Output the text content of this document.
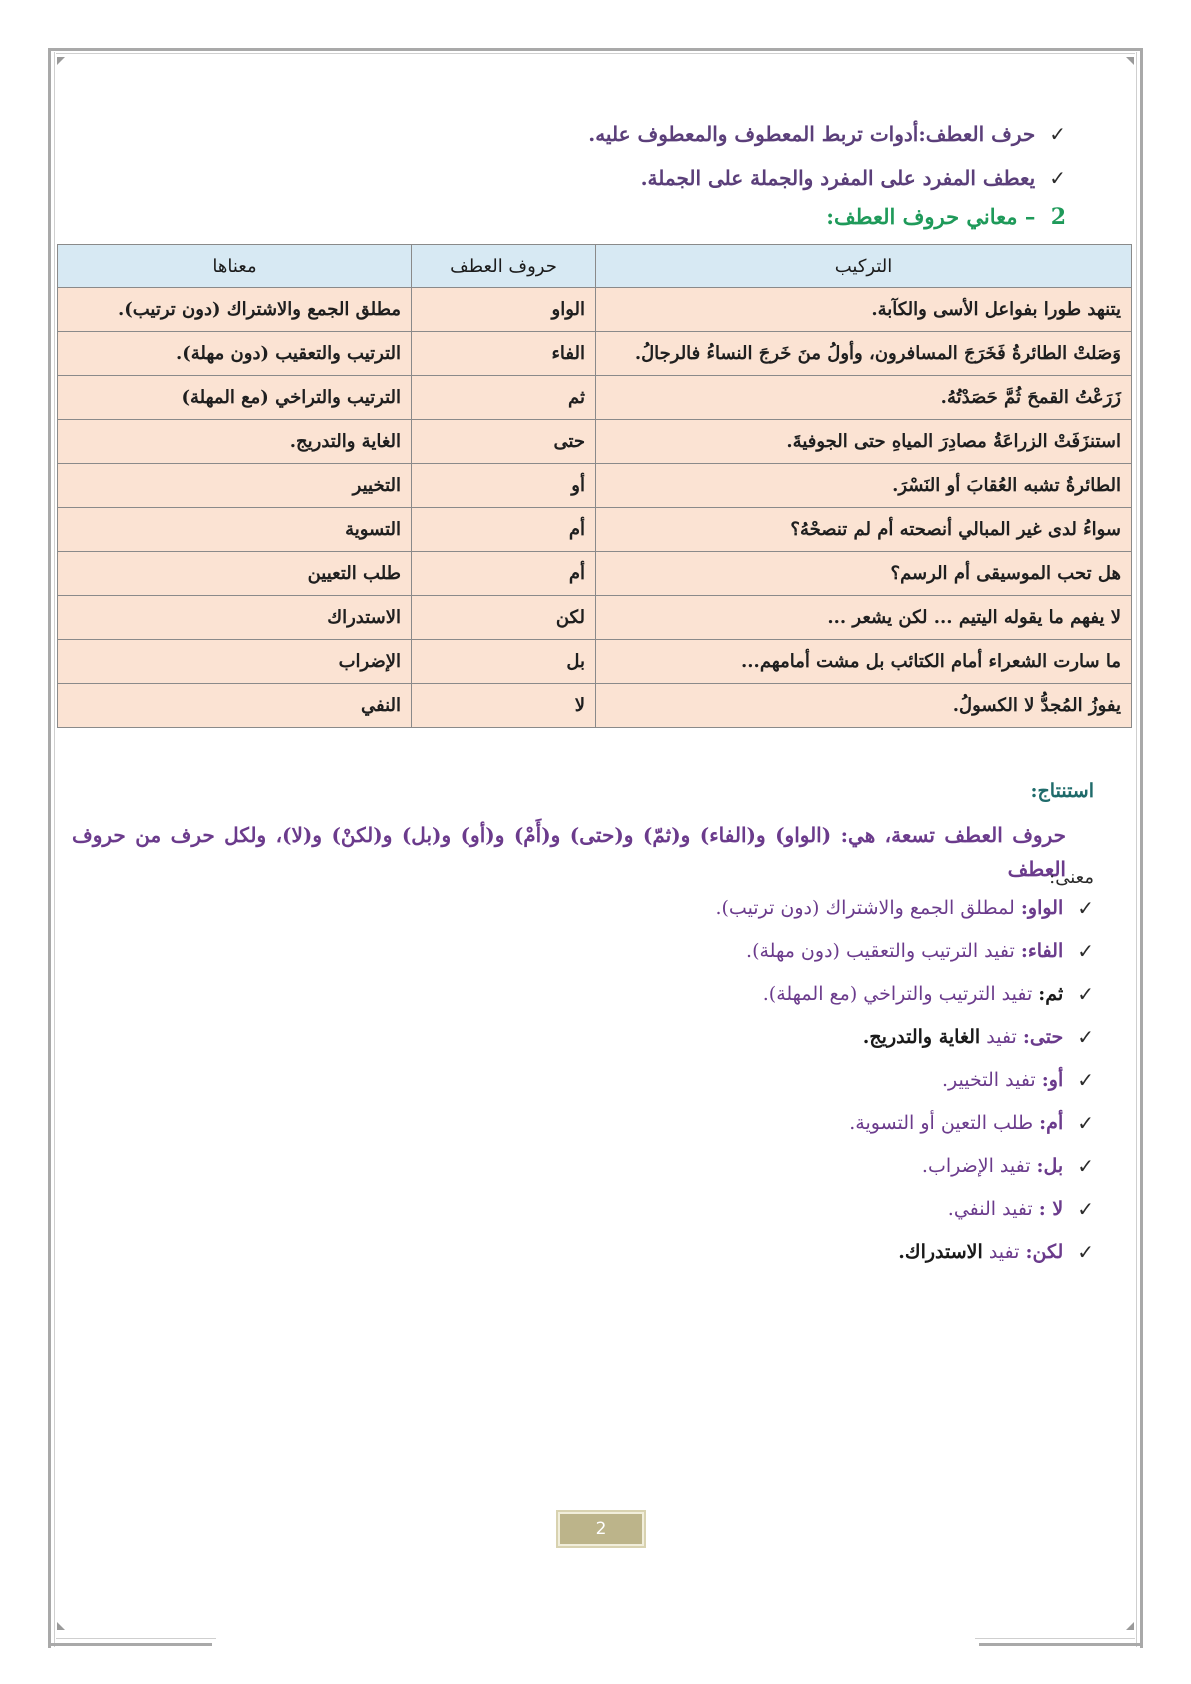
✓
حرف العطف:أدوات تربط المعطوف والمعطوف عليه.
✓
يعطف المفرد على المفرد والجملة على الجملة.
2 – معاني حروف العطف:
التركيب	حروف العطف	معناها
يتنهد طورا بفواعل الأسى والكآبة.	الواو	مطلق الجمع والاشتراك (دون ترتيب).
وَصَلتْ الطائرةُ فَخَرَجَ المسافرون، وأولُ منَ خَرجَ النساءُ فالرجالُ.	الفاء	الترتيب والتعقيب (دون مهلة).
زَرَعْتُ القمحَ ثُمَّ حَصَدْتُهُ.	ثم	الترتيب والتراخي (مع المهلة)
استنزَفَتْ الزراعَةُ مصادِرَ المياهِ حتى الجوفيةَ.	حتى	الغاية والتدريج.
الطائرةُ تشبه العُقابَ أو النَسْرَ.	أو	التخيير
سواءُ لدى غير المبالي أنصحته أم لم تنصحْهُ؟	أم	التسوية
هل تحب الموسيقى أم الرسم؟	أم	طلب التعيين
لا يفهم ما يقوله اليتيم ... لكن يشعر ...	لكن	الاستدراك
ما سارت الشعراء أمام الكتائب بل مشت أمامهم...	بل	الإضراب
يفوزُ المُجدُّ لا الكسولُ.	لا	النفي
استنتاج:
حروف العطف تسعة، هي: (الواو) و(الفاء) و(ثمّ) و(حتى) و(أَمْ) و(أو) و(بل) و(لكنْ) و(لا)، ولكل حرف من حروف العطف
معنى:
✓
الواو:
لمطلق الجمع والاشتراك (دون ترتيب).
✓
الفاء:
تفيد الترتيب والتعقيب (دون مهلة).
✓
ثم:
تفيد الترتيب والتراخي (مع المهلة).
✓
حتى:
تفيد
الغاية والتدريج.
✓
أو:
تفيد التخيير.
✓
أم:
طلب التعين أو التسوية.
✓
بل:
تفيد الإضراب.
✓
لا :
تفيد النفي.
✓
لكن:
تفيد
الاستدراك.
2
